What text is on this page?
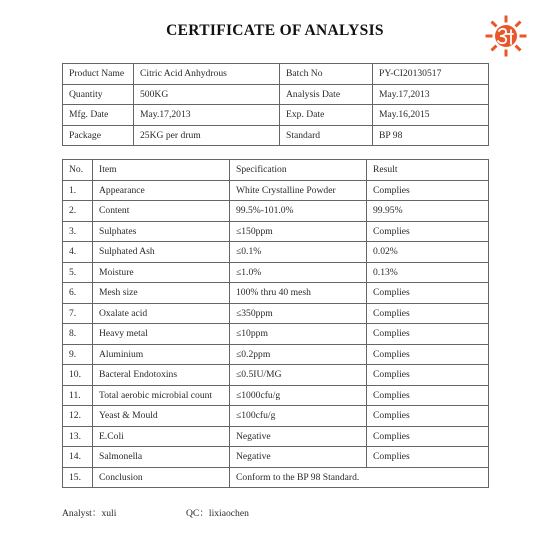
CERTIFICATE OF ANALYSIS
Product Name	Citric Acid Anhydrous	Batch No	PY-CI20130517
Quantity	500KG	Analysis Date	May.17,2013
Mfg. Date	May.17,2013	Exp. Date	May.16,2015
Package	25KG per drum	Standard	BP 98
No.	Item	Specification	Result
1.	Appearance	White Crystalline Powder	Complies
2.	Content	99.5%-101.0%	99.95%
3.	Sulphates	≤150ppm	Complies
4.	Sulphated Ash	≤0.1%	0.02%
5.	Moisture	≤1.0%	0.13%
6.	Mesh size	100% thru 40 mesh	Complies
7.	Oxalate acid	≤350ppm	Complies
8.	Heavy metal	≤10ppm	Complies
9.	Aluminium	≤0.2ppm	Complies
10.	Bacteral Endotoxins	≤0.5IU/MG	Complies
11.	Total aerobic microbial count	≤1000cfu/g	Complies
12.	Yeast & Mould	≤100cfu/g	Complies
13.	E.Coli	Negative	Complies
14.	Salmonella	Negative	Complies
15.	Conclusion	Conform to the BP 98 Standard.	
Analyst：xuli	QC：lixiaochen
